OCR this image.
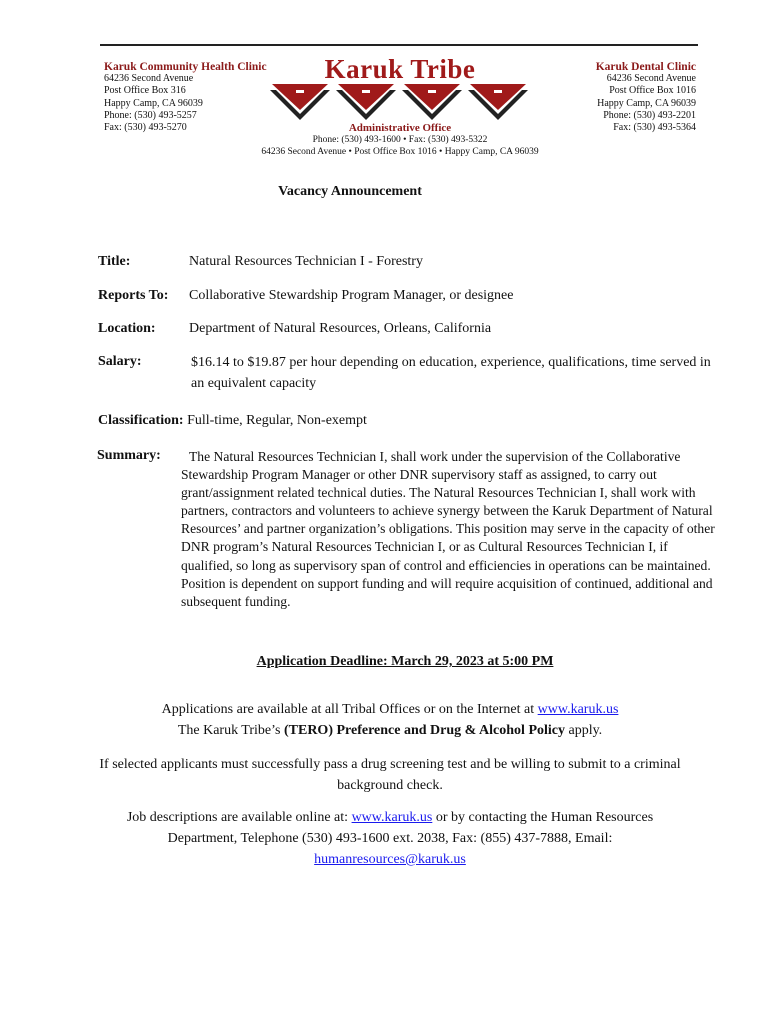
Karuk Community Health Clinic
64236 Second Avenue
Post Office Box 316
Happy Camp, CA 96039
Phone: (530) 493-5257
Fax: (530) 493-5270
Karuk Tribe
Administrative Office
Phone: (530) 493-1600 • Fax: (530) 493-5322
64236 Second Avenue • Post Office Box 1016 • Happy Camp, CA 96039
Karuk Dental Clinic
64236 Second Avenue
Post Office Box 1016
Happy Camp, CA 96039
Phone: (530) 493-2201
Fax: (530) 493-5364
Vacancy Announcement
Title:	Natural Resources Technician I - Forestry
Reports To: Collaborative Stewardship Program Manager, or designee
Location: Department of Natural Resources, Orleans, California
Salary:	$16.14 to $19.87 per hour depending on education, experience, qualifications, time served in an equivalent capacity
Classification: Full-time, Regular, Non-exempt
Summary:	The Natural Resources Technician I, shall work under the supervision of the Collaborative Stewardship Program Manager or other DNR supervisory staff as assigned, to carry out grant/assignment related technical duties. The Natural Resources Technician I, shall work with partners, contractors and volunteers to achieve synergy between the Karuk Department of Natural Resources’ and partner organization’s obligations. This position may serve in the capacity of other DNR program’s Natural Resources Technician I, or as Cultural Resources Technician I, if qualified, so long as supervisory span of control and efficiencies in operations can be maintained. Position is dependent on support funding and will require acquisition of continued, additional and subsequent funding.
Application Deadline: March 29, 2023 at 5:00 PM
Applications are available at all Tribal Offices or on the Internet at www.karuk.us
The Karuk Tribe’s (TERO) Preference and Drug & Alcohol Policy apply.
If selected applicants must successfully pass a drug screening test and be willing to submit to a criminal background check.
Job descriptions are available online at: www.karuk.us or by contacting the Human Resources Department, Telephone (530) 493-1600 ext. 2038, Fax: (855) 437-7888, Email: humanresources@karuk.us
